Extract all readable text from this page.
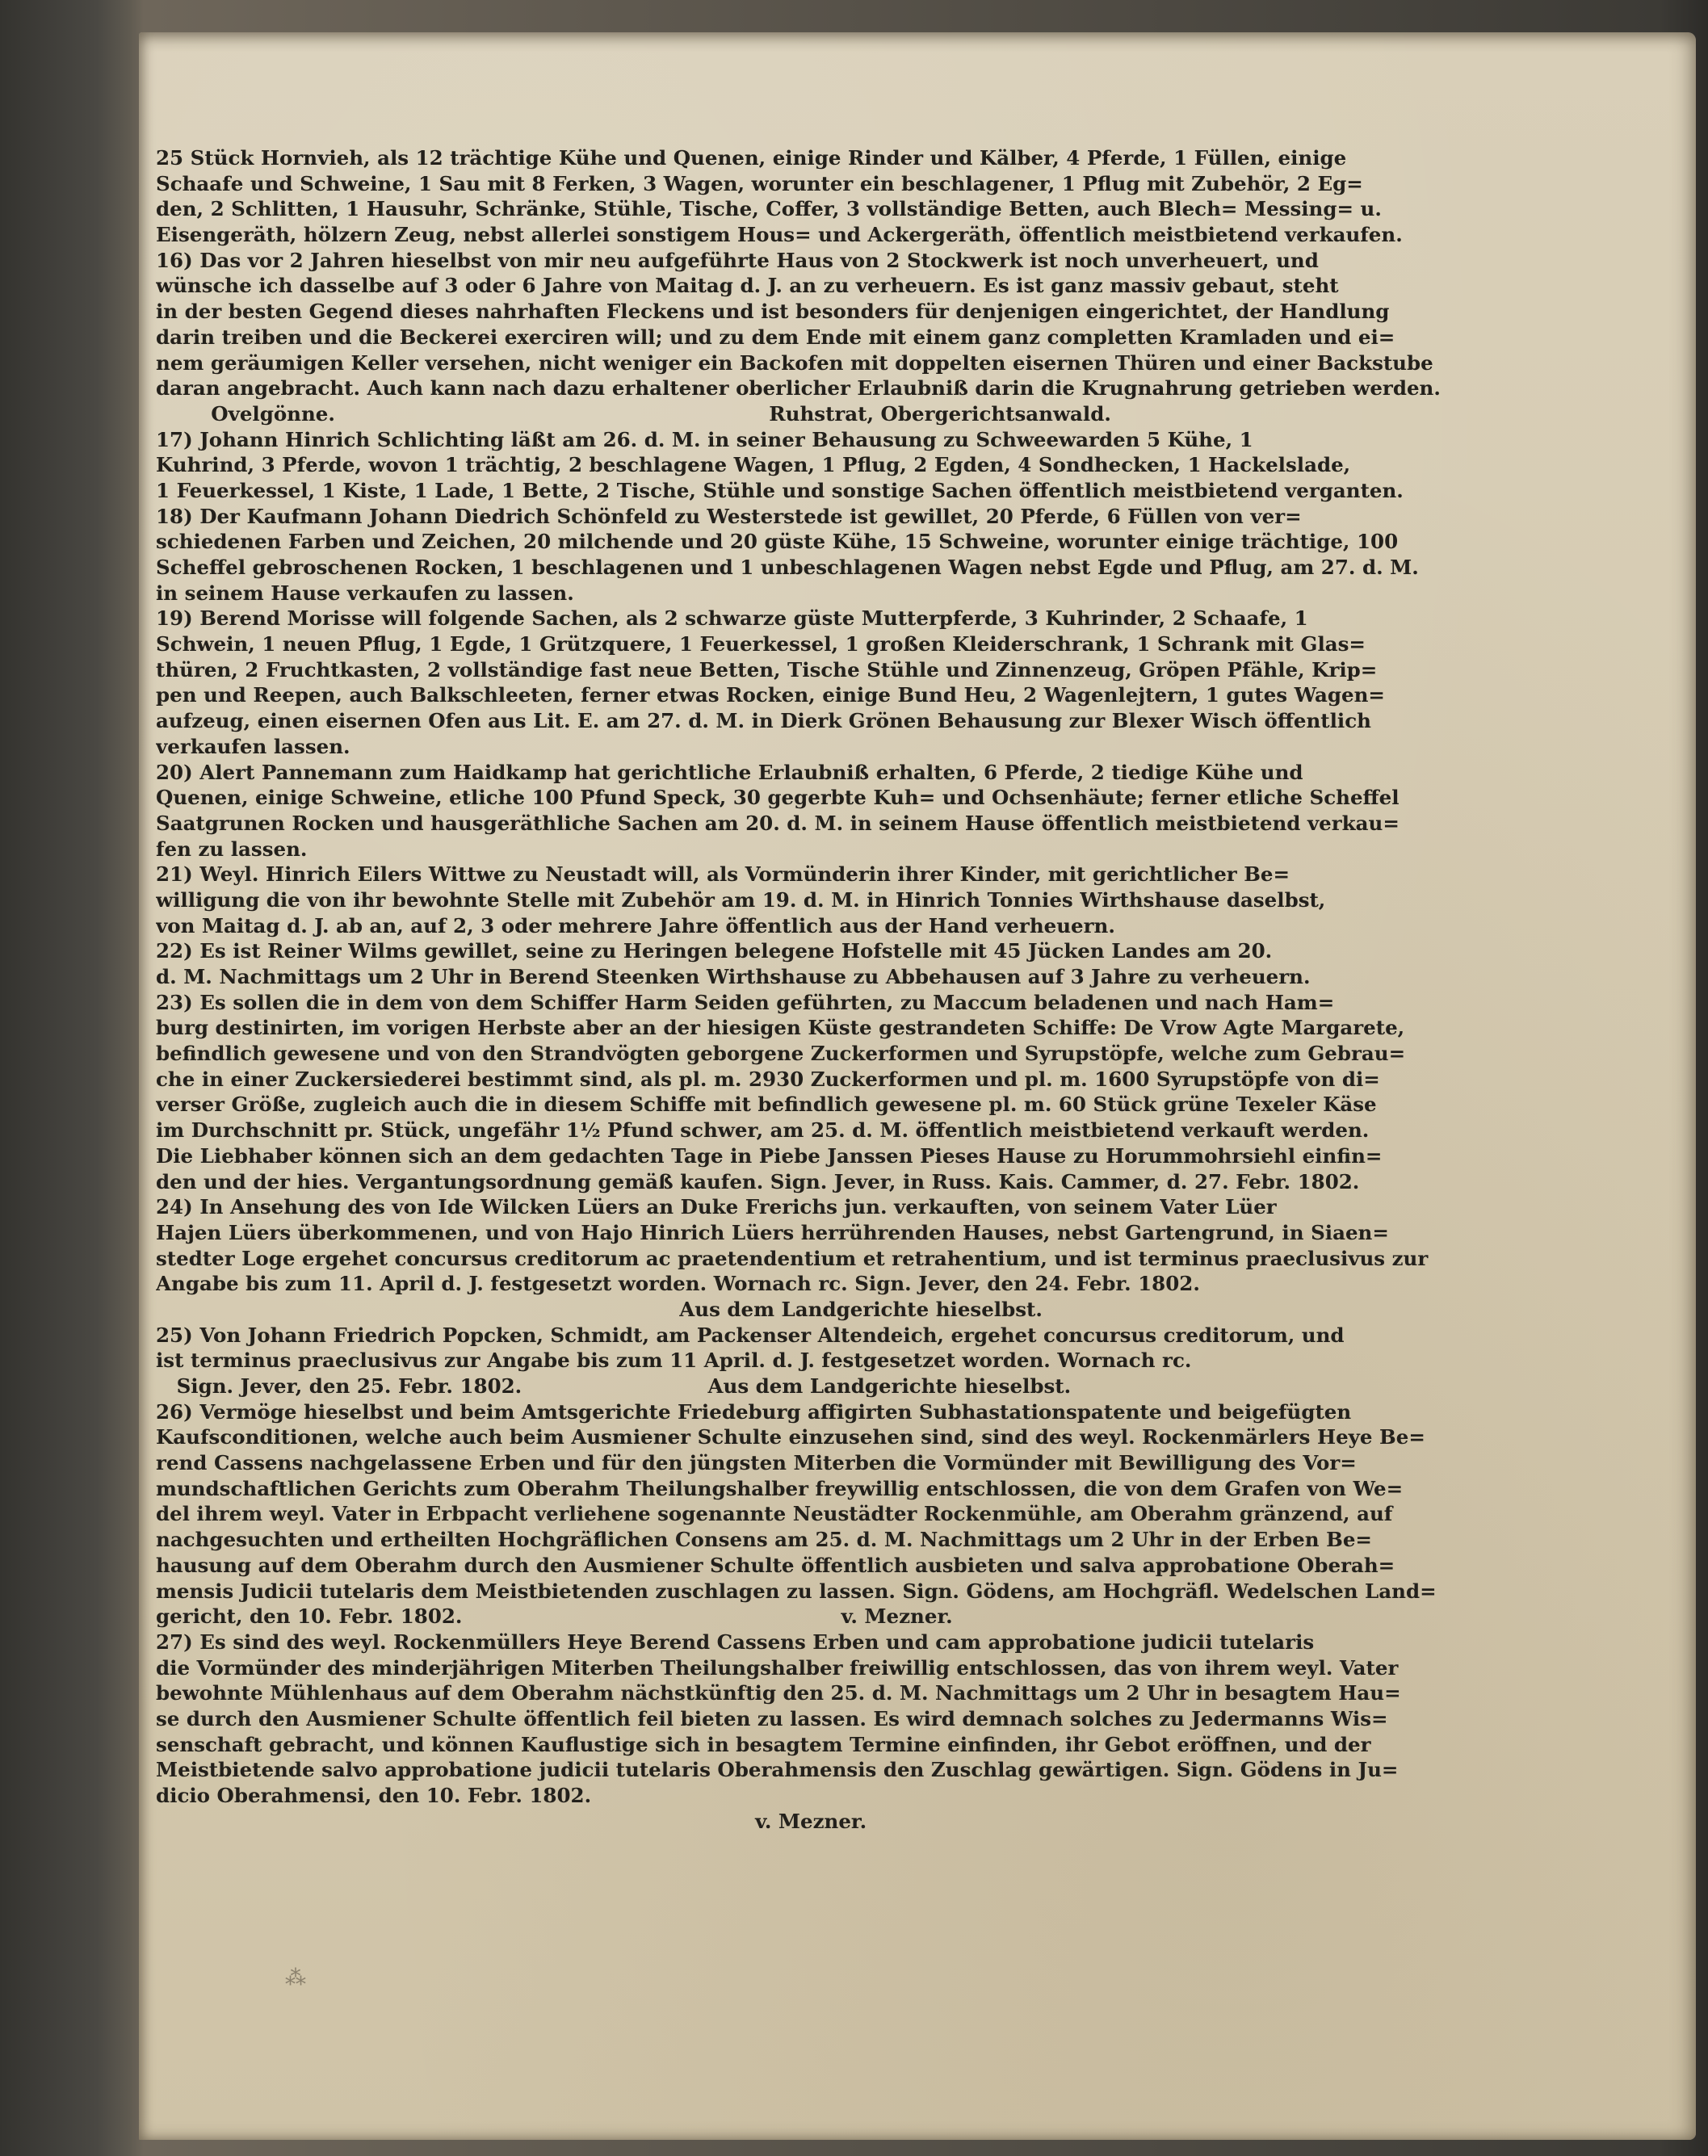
25 Stück Hornvieh, als 12 trächtige Kühe und Quenen, einige Rinder und Kälber, 4 Pferde, 1 Füllen, einige
Schaafe und Schweine, 1 Sau mit 8 Ferken, 3 Wagen, worunter ein beschlagener, 1 Pflug mit Zubehör, 2 Eg=
den, 2 Schlitten, 1 Hausuhr, Schränke, Stühle, Tische, Coffer, 3 vollständige Betten, auch Blech= Messing= u.
Eisengeräth, hölzern Zeug, nebst allerlei sonstigem Hous= und Ackergeräth, öffentlich meistbietend verkaufen.
16) Das vor 2 Jahren hieselbst von mir neu aufgeführte Haus von 2 Stockwerk ist noch unverheuert, und
wünsche ich dasselbe auf 3 oder 6 Jahre von Maitag d. J. an zu verheuern. Es ist ganz massiv gebaut, steht
in der besten Gegend dieses nahrhaften Fleckens und ist besonders für denjenigen eingerichtet, der Handlung
darin treiben und die Beckerei exerciren will; und zu dem Ende mit einem ganz completten Kramladen und ei=
nem geräumigen Keller versehen, nicht weniger ein Backofen mit doppelten eisernen Thüren und einer Backstube
daran angebracht. Auch kann nach dazu erhaltener oberlicher Erlaubniß darin die Krugnahrung getrieben werden.
Ovelgönne.                                                               Ruhstrat, Obergerichtsanwald.
17) Johann Hinrich Schlichting läßt am 26. d. M. in seiner Behausung zu Schweewarden 5 Kühe, 1
Kuhrind, 3 Pferde, wovon 1 trächtig, 2 beschlagene Wagen, 1 Pflug, 2 Egden, 4 Sondhecken, 1 Hackelslade,
1 Feuerkessel, 1 Kiste, 1 Lade, 1 Bette, 2 Tische, Stühle und sonstige Sachen öffentlich meistbietend verganten.
18) Der Kaufmann Johann Diedrich Schönfeld zu Westerstede ist gewillet, 20 Pferde, 6 Füllen von ver=
schiedenen Farben und Zeichen, 20 milchende und 20 güste Kühe, 15 Schweine, worunter einige trächtige, 100
Scheffel gebroschenen Rocken, 1 beschlagenen und 1 unbeschlagenen Wagen nebst Egde und Pflug, am 27. d. M.
in seinem Hause verkaufen zu lassen.
19) Berend Morisse will folgende Sachen, als 2 schwarze güste Mutterpferde, 3 Kuhrinder, 2 Schaafe, 1
Schwein, 1 neuen Pflug, 1 Egde, 1 Grützquere, 1 Feuerkessel, 1 großen Kleiderschrank, 1 Schrank mit Glas=
thüren, 2 Fruchtkasten, 2 vollständige fast neue Betten, Tische Stühle und Zinnenzeug, Gröpen Pfähle, Krip=
pen und Reepen, auch Balkschleeten, ferner etwas Rocken, einige Bund Heu, 2 Wagenlejtern, 1 gutes Wagen=
aufzeug, einen eisernen Ofen aus Lit. E. am 27. d. M. in Dierk Grönen Behausung zur Blexer Wisch öffentlich
verkaufen lassen.
20) Alert Pannemann zum Haidkamp hat gerichtliche Erlaubniß erhalten, 6 Pferde, 2 tiedige Kühe und
Quenen, einige Schweine, etliche 100 Pfund Speck, 30 gegerbte Kuh= und Ochsenhäute; ferner etliche Scheffel
Saatgrunen Rocken und hausgeräthliche Sachen am 20. d. M. in seinem Hause öffentlich meistbietend verkau=
fen zu lassen.
21) Weyl. Hinrich Eilers Wittwe zu Neustadt will, als Vormünderin ihrer Kinder, mit gerichtlicher Be=
willigung die von ihr bewohnte Stelle mit Zubehör am 19. d. M. in Hinrich Tonnies Wirthshause daselbst,
von Maitag d. J. ab an, auf 2, 3 oder mehrere Jahre öffentlich aus der Hand verheuern.
22) Es ist Reiner Wilms gewillet, seine zu Heringen belegene Hofstelle mit 45 Jücken Landes am 20.
d. M. Nachmittags um 2 Uhr in Berend Steenken Wirthshause zu Abbehausen auf 3 Jahre zu verheuern.
23) Es sollen die in dem von dem Schiffer Harm Seiden geführten, zu Maccum beladenen und nach Ham=
burg destinirten, im vorigen Herbste aber an der hiesigen Küste gestrandeten Schiffe: De Vrow Agte Margarete,
befindlich gewesene und von den Strandvögten geborgene Zuckerformen und Syrupstöpfe, welche zum Gebrau=
che in einer Zuckersiederei bestimmt sind, als pl. m. 2930 Zuckerformen und pl. m. 1600 Syrupstöpfe von di=
verser Größe, zugleich auch die in diesem Schiffe mit befindlich gewesene pl. m. 60 Stück grüne Texeler Käse
im Durchschnitt pr. Stück, ungefähr 1½ Pfund schwer, am 25. d. M. öffentlich meistbietend verkauft werden.
Die Liebhaber können sich an dem gedachten Tage in Piebe Janssen Pieses Hause zu Horummohrsiehl einfin=
den und der hies. Vergantungsordnung gemäß kaufen. Sign. Jever, in Russ. Kais. Cammer, d. 27. Febr. 1802.
24) In Ansehung des von Ide Wilcken Lüers an Duke Frerichs jun. verkauften, von seinem Vater Lüer
Hajen Lüers überkommenen, und von Hajo Hinrich Lüers herrührenden Hauses, nebst Gartengrund, in Siaen=
stedter Loge ergehet concursus creditorum ac praetendentium et retrahentium, und ist terminus praeclusivus zur
Angabe bis zum 11. April d. J. festgesetzt worden. Wornach rc. Sign. Jever, den 24. Febr. 1802.
Aus dem Landgerichte hieselbst.
25) Von Johann Friedrich Popcken, Schmidt, am Packenser Altendeich, ergehet concursus creditorum, und
ist terminus praeclusivus zur Angabe bis zum 11 April. d. J. festgesetzet worden. Wornach rc.
Sign. Jever, den 25. Febr. 1802.                           Aus dem Landgerichte hieselbst.
26) Vermöge hieselbst und beim Amtsgerichte Friedeburg affigirten Subhastationspatente und beigefügten
Kaufsconditionen, welche auch beim Ausmiener Schulte einzusehen sind, sind des weyl. Rockenmärlers Heye Be=
rend Cassens nachgelassene Erben und für den jüngsten Miterben die Vormünder mit Bewilligung des Vor=
mundschaftlichen Gerichts zum Oberahm Theilungshalber freywillig entschlossen, die von dem Grafen von We=
del ihrem weyl. Vater in Erbpacht verliehene sogenannte Neustädter Rockenmühle, am Oberahm gränzend, auf
nachgesuchten und ertheilten Hochgräflichen Consens am 25. d. M. Nachmittags um 2 Uhr in der Erben Be=
hausung auf dem Oberahm durch den Ausmiener Schulte öffentlich ausbieten und salva approbatione Oberah=
mensis Judicii tutelaris dem Meistbietenden zuschlagen zu lassen. Sign. Gödens, am Hochgräfl. Wedelschen Land=
gericht, den 10. Febr. 1802.                                                       v. Mezner.
27) Es sind des weyl. Rockenmüllers Heye Berend Cassens Erben und cam approbatione judicii tutelaris
die Vormünder des minderjährigen Miterben Theilungshalber freiwillig entschlossen, das von ihrem weyl. Vater
bewohnte Mühlenhaus auf dem Oberahm nächstkünftig den 25. d. M. Nachmittags um 2 Uhr in besagtem Hau=
se durch den Ausmiener Schulte öffentlich feil bieten zu lassen. Es wird demnach solches zu Jedermanns Wis=
senschaft gebracht, und können Kauflustige sich in besagtem Termine einfinden, ihr Gebot eröffnen, und der
Meistbietende salvo approbatione judicii tutelaris Oberahmensis den Zuschlag gewärtigen. Sign. Gödens in Ju=
dicio Oberahmensi, den 10. Febr. 1802.
v. Mezner.
⁂
